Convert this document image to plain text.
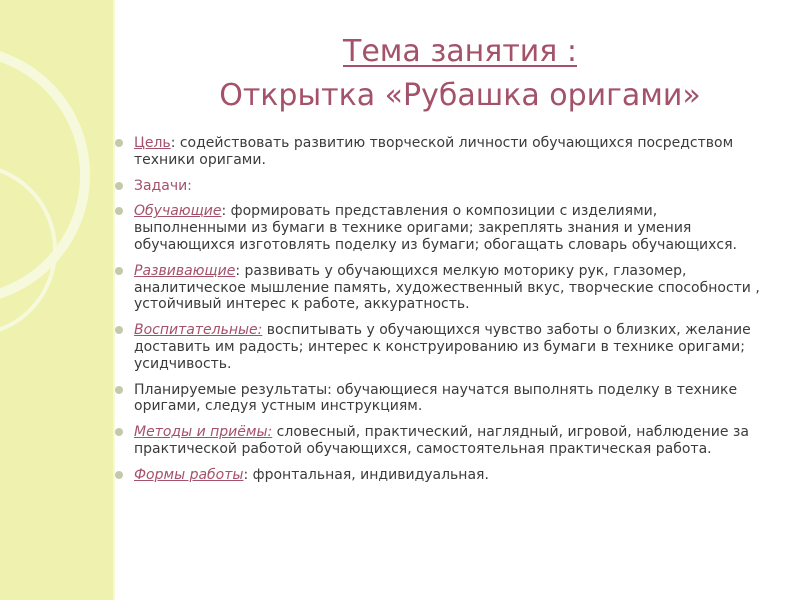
Тема занятия :
Открытка «Рубашка оригами»
Цель: содействовать развитию творческой личности обучающихся посредством техники оригами.
Задачи:
Обучающие: формировать представления о композиции с изделиями, выполненными из бумаги в технике оригами; закреплять знания и умения обучающихся изготовлять поделку из бумаги; обогащать словарь обучающихся.
Развивающие: развивать у обучающихся мелкую моторику рук, глазомер, аналитическое мышление память, художественный вкус, творческие способности , устойчивый интерес к работе, аккуратность.
Воспитательные: воспитывать у обучающихся чувство заботы о близких, желание доставить им радость; интерес к конструированию из бумаги в технике оригами; усидчивость.
Планируемые результаты: обучающиеся научатся выполнять поделку в технике оригами, следуя устным инструкциям.
Методы и приёмы: словесный, практический, наглядный, игровой, наблюдение за практической работой обучающихся, самостоятельная практическая работа.
Формы работы: фронтальная, индивидуальная.
